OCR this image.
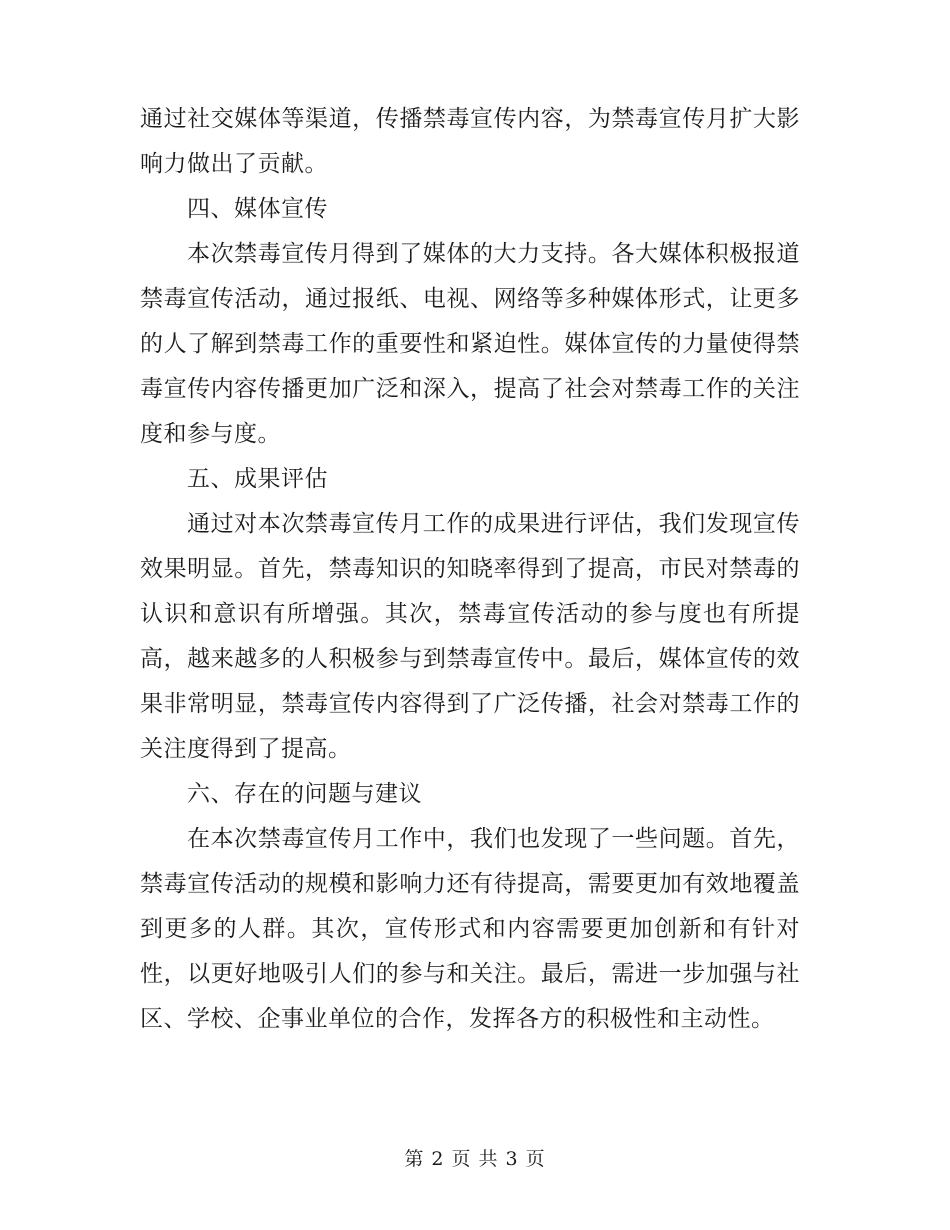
通过社交媒体等渠道，传播禁毒宣传内容，为禁毒宣传月扩大影响力做出了贡献。

四、媒体宣传

本次禁毒宣传月得到了媒体的大力支持。各大媒体积极报道禁毒宣传活动，通过报纸、电视、网络等多种媒体形式，让更多的人了解到禁毒工作的重要性和紧迫性。媒体宣传的力量使得禁毒宣传内容传播更加广泛和深入，提高了社会对禁毒工作的关注度和参与度。

五、成果评估

通过对本次禁毒宣传月工作的成果进行评估，我们发现宣传效果明显。首先，禁毒知识的知晓率得到了提高，市民对禁毒的认识和意识有所增强。其次，禁毒宣传活动的参与度也有所提高，越来越多的人积极参与到禁毒宣传中。最后，媒体宣传的效果非常明显，禁毒宣传内容得到了广泛传播，社会对禁毒工作的关注度得到了提高。

六、存在的问题与建议

在本次禁毒宣传月工作中，我们也发现了一些问题。首先，禁毒宣传活动的规模和影响力还有待提高，需要更加有效地覆盖到更多的人群。其次，宣传形式和内容需要更加创新和有针对性，以更好地吸引人们的参与和关注。最后，需进一步加强与社区、学校、企事业单位的合作，发挥各方的积极性和主动性。

第 2 页 共 3 页
